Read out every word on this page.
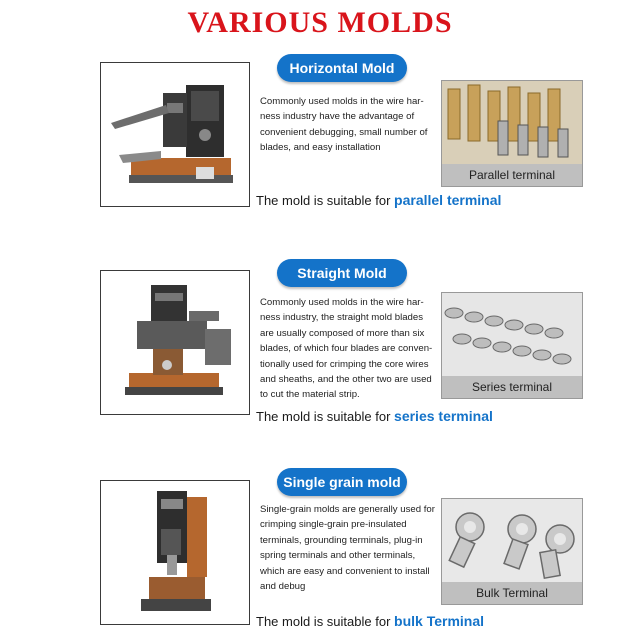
VARIOUS MOLDS
Horizontal Mold
Commonly used molds in the wire har-ness industry have the advantage of convenient debugging, small number of blades, and easy installation
Parallel terminal
The mold is suitable for parallel terminal
Straight Mold
Commonly used molds in the wire har-ness industry, the straight mold blades are usually composed of more than six blades, of which four blades are conven-tionally used for crimping the core wires and sheaths, and the other two are used to cut the material strip.
Series terminal
The mold is suitable for series terminal
Single grain mold
Single-grain molds are generally used for crimping single-grain pre-insulated terminals, grounding terminals, plug-in spring terminals and other terminals, which are easy and convenient to install and debug	Bulk Terminal
The mold is suitable for bulk Terminal
